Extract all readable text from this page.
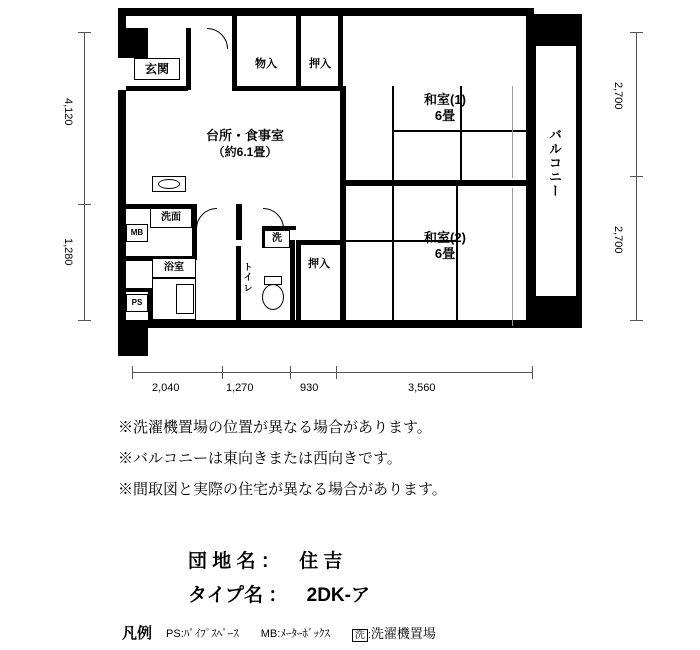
4,120
1,280
2,700
2,700
2,040	1,270	930	3,560
玄関	物入	押入
台所・食事室
（約6.1畳）
洗面
浴室	ト
イ
レ
洗
押入
和室(1)
6畳
和室(2)
6畳
バルコニー
MB
PS
※洗濯機置場の位置が異なる場合があります。
※バルコニーは東向きまたは西向きです。
※間取図と実際の住宅が異なる場合があります。
団 地 名 ： 住 吉
タイプ名 ： 2DK-ア
凡例 PS:ﾊﾟｲﾌﾟｽﾍﾟｰｽ MB:ﾒｰﾀｰﾎﾞｯｸｽ	洗 :洗濯機置場
